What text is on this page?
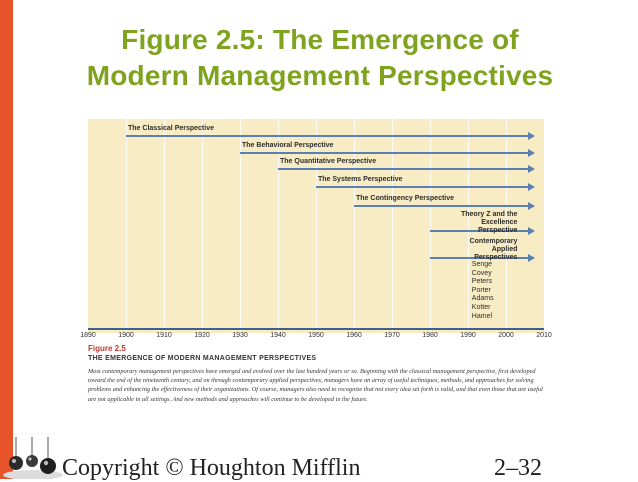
Figure 2.5: The Emergence of
Modern Management Perspectives
Senge
Covey
Peters
Porter
Adams
Kotter
Hamel
Figure 2.5
THE EMERGENCE OF MODERN MANAGEMENT PERSPECTIVES
Most contemporary management perspectives have emerged and evolved over the last hundred years or so. Beginning with the classical management perspective, first developed toward the end of the nineteenth century, and on through contemporary applied perspectives, managers have an array of useful techniques, methods, and approaches for solving problems and enhancing the effectiveness of their organizations. Of course, managers also need to recognize that not every idea set forth is valid, and that even those that are useful are not applicable in all settings. And new methods and approaches will continue to be developed in the future.
1890	1900	1910	1920	1930	1940	1950	1960	1970	1980	1990	2000	2010
The Classical Perspective
The Behavioral Perspective
The Quantitative Perspective
The Systems Perspective
The Contingency Perspective
Theory Z and the Excellence Perspective
Contemporary Applied Perspectives
Copyright © Houghton Mifflin	2–32
